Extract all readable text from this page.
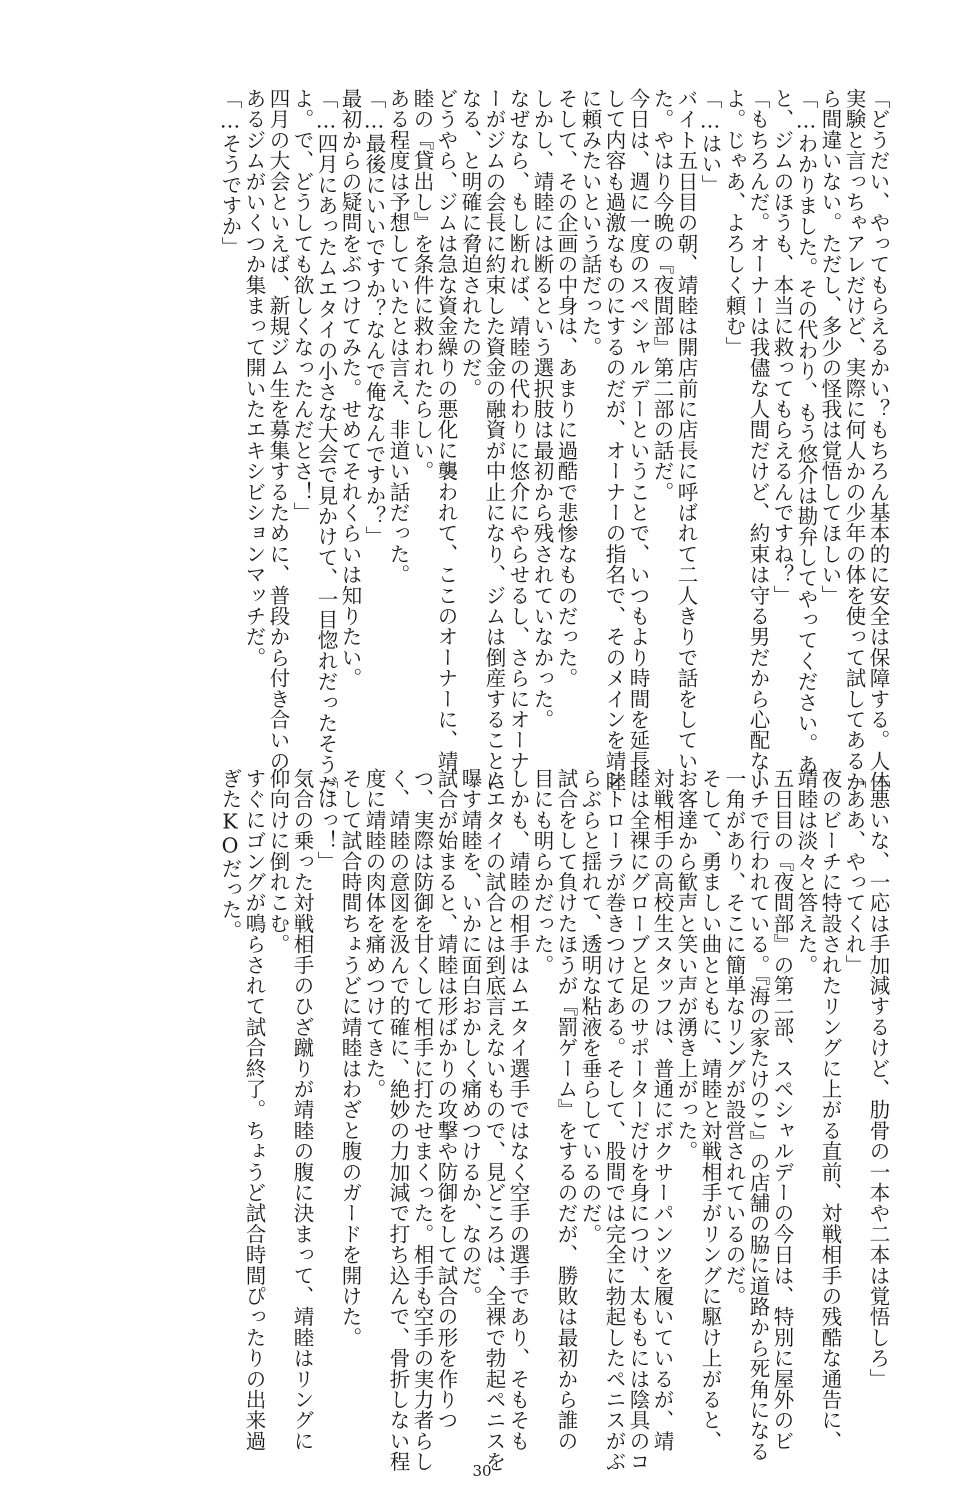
「どうだい、やってもらえるかい？もちろん基本的に安全は保障する。人体
実験と言っちゃアレだけど、実際に何人かの少年の体を使って試してあるか
ら間違いない。ただし、多少の怪我は覚悟してほしい」
「…わかりました。その代わり、もう悠介は勘弁してやってください。あ
と、ジムのほうも、本当に救ってもらえるんですね？」
「もちろんだ。オーナーは我儘な人間だけど、約束は守る男だから心配ない
よ。じゃあ、よろしく頼む」
「…はい」
バイト五日目の朝、靖睦は開店前に店長に呼ばれて二人きりで話をしてい
た。やはり今晩の『夜間部』第二部の話だ。
今日は、週に一度のスペシャルデーということで、いつもより時間を延長
して内容も過激なものにするのだが、オーナーの指名で、そのメインを靖睦
に頼みたいという話だった。
そして、その企画の中身は、あまりに過酷で悲惨なものだった。
しかし、靖睦には断るという選択肢は最初から残されていなかった。
なぜなら、もし断れば、靖睦の代わりに悠介にやらせるし、さらにオーナ
ーがジムの会長に約束した資金の融資が中止になり、ジムは倒産することに
なる、と明確に脅迫されたのだ。
どうやら、ジムは急な資金繰りの悪化に襲われて、ここのオーナーに、靖
睦の『貸出し』を条件に救われたらしい。
ある程度は予想していたとは言え、非道い話だった。
「…最後にいいですか？なんで俺なんですか？」
最初からの疑問をぶつけてみた。せめてそれくらいは知りたい。
「…四月にあったムエタイの小さな大会で見かけて、一目惚れだったそうだ
よ。で、どうしても欲しくなったんだとさ！」
四月の大会といえば、新規ジム生を募集するために、普段から付き合いの
あるジムがいくつか集まって開いたエキシビションマッチだ。
「…そうですか」
「悪いな、一応は手加減するけど、肋骨の一本や二本は覚悟しろ」
「ああ、やってくれ」
夜のビーチに特設されたリングに上がる直前、対戦相手の残酷な通告に、
靖睦は淡々と答えた。
五日目の『夜間部』の第二部、スペシャルデーの今日は、特別に屋外のビ
ーチで行われている。『海の家たけのこ』の店舗の脇に道路から死角になる
一角があり、そこに簡単なリングが設営されているのだ。
そして、勇ましい曲とともに、靖睦と対戦相手がリングに駆け上がると、
お客達から歓声と笑い声が湧き上がった。
対戦相手の高校生スタッフは、普通にボクサーパンツを履いているが、靖
睦は全裸にグローブと足のサポーターだけを身につけ、太ももには陰具のコ
ントローラが巻きつけてある。そして、股間では完全に勃起したペニスがぶ
らぶらと揺れて、透明な粘液を垂らしているのだ。
試合をして負けたほうが『罰ゲーム』をするのだが、勝敗は最初から誰の
目にも明らかだった。
しかも、靖睦の相手はムエタイ選手ではなく空手の選手であり、そもそも
ムエタイの試合とは到底言えないもので、見どころは、全裸で勃起ペニスを
曝す靖睦を、いかに面白おかしく痛めつけるか、なのだ。
試合が始まると、靖睦は形ばかりの攻撃や防御をして試合の形を作りつ
つ、実際は防御を甘くして相手に打たせまくった。相手も空手の実力者らし
く、靖睦の意図を汲んで的確に、絶妙の力加減で打ち込んで、骨折しない程
度に靖睦の肉体を痛めつけてきた。
そして試合時間ちょうどに靖睦はわざと腹のガードを開けた。
「はっ！」
気合の乗った対戦相手のひざ蹴りが靖睦の腹に決まって、靖睦はリングに
仰向けに倒れこむ。
すぐにゴングが鳴らされて試合終了。ちょうど試合時間ぴったりの出来過
ぎたKOだった。
30
